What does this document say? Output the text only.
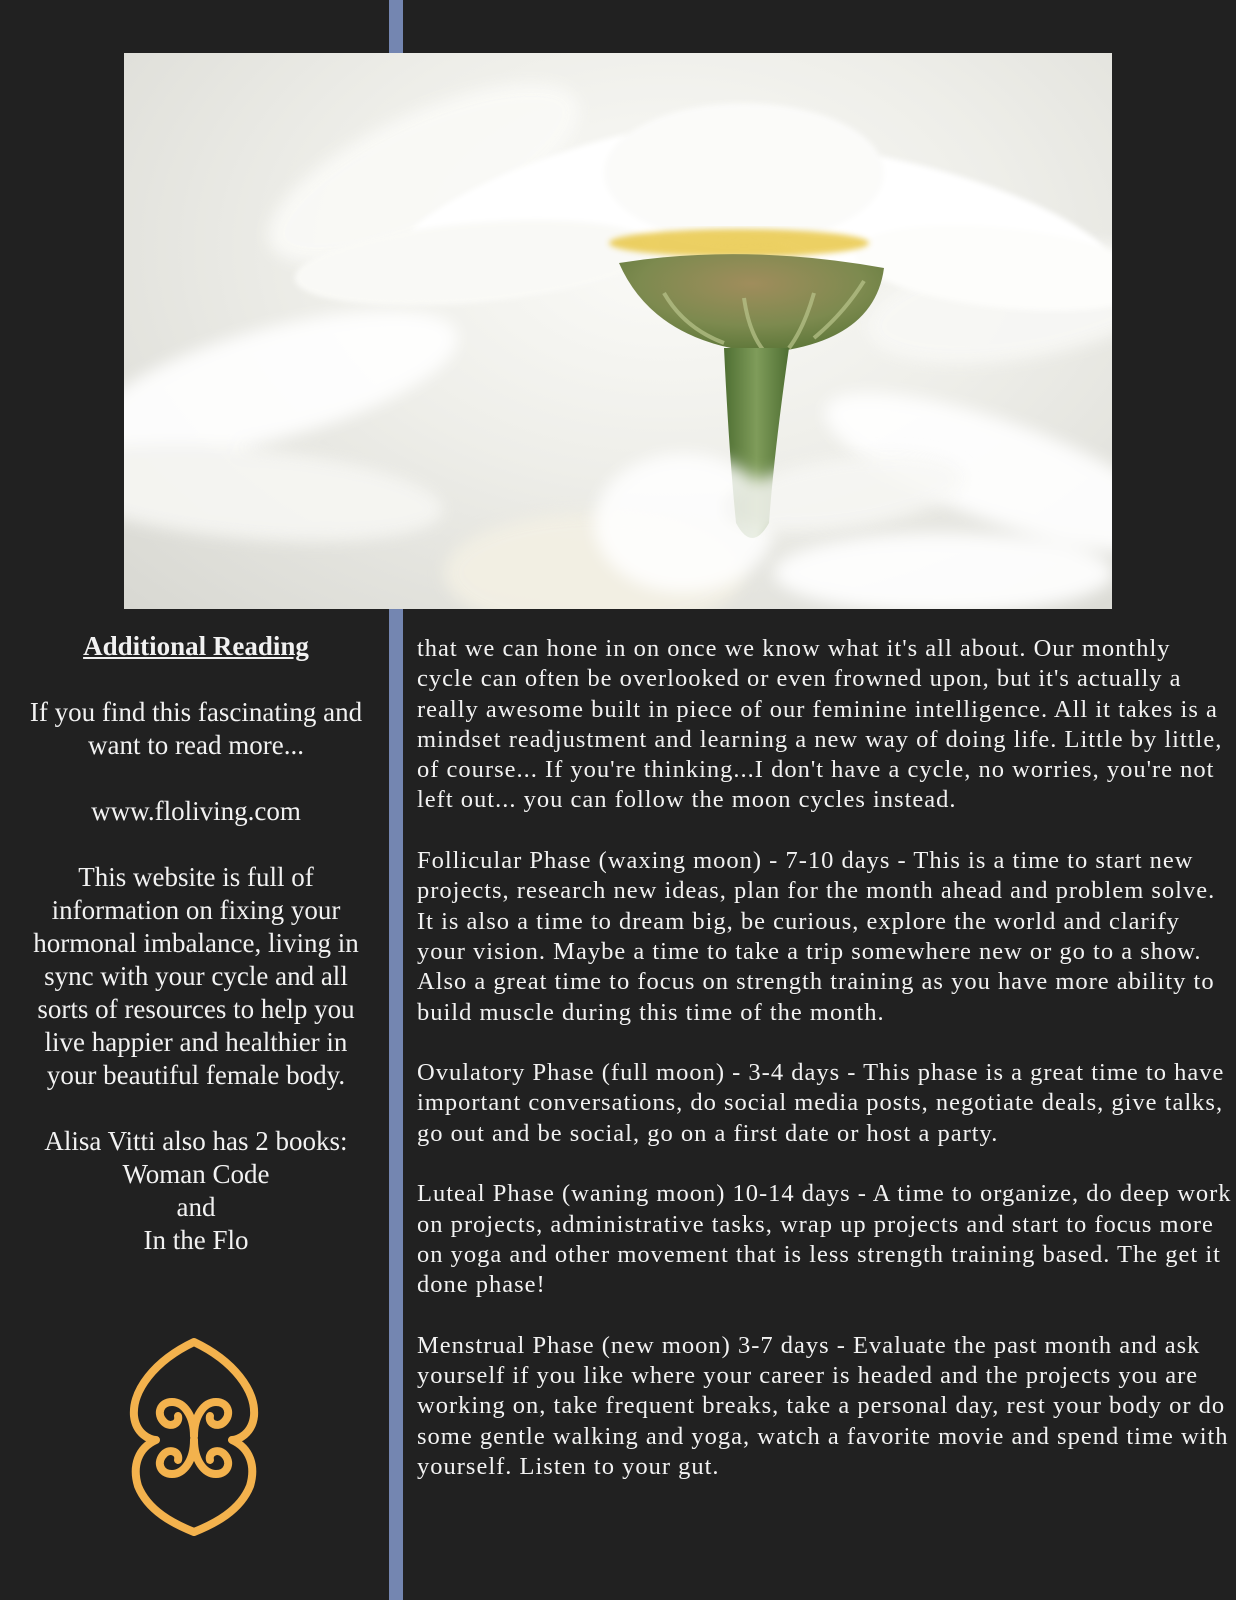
Additional Reading

If you find this fascinating and want to read more...

www.floliving.com

This website is full of information on fixing your hormonal imbalance, living in sync with your cycle and all sorts of resources to help you live happier and healthier in your beautiful female body.

Alisa Vitti also has 2 books:
Woman Code
and
In the Flo

that we can hone in on once we know what it's all about. Our monthly cycle can often be overlooked or even frowned upon, but it's actually a really awesome built in piece of our feminine intelligence. All it takes is a mindset readjustment and learning a new way of doing life. Little by little, of course... If you're thinking...I don't have a cycle, no worries, you're not left out... you can follow the moon cycles instead.

Follicular Phase (waxing moon) - 7-10 days - This is a time to start new projects, research new ideas, plan for the month ahead and problem solve. It is also a time to dream big, be curious, explore the world and clarify your vision. Maybe a time to take a trip somewhere new or go to a show. Also a great time to focus on strength training as you have more ability to build muscle during this time of the month.

Ovulatory Phase (full moon) - 3-4 days - This phase is a great time to have important conversations, do social media posts, negotiate deals, give talks, go out and be social, go on a first date or host a party.

Luteal Phase (waning moon) 10-14 days - A time to organize, do deep work on projects, administrative tasks, wrap up projects and start to focus more on yoga and other movement that is less strength training based. The get it done phase!

Menstrual Phase (new moon) 3-7 days - Evaluate the past month and ask yourself if you like where your career is headed and the projects you are working on, take frequent breaks, take a personal day, rest your body or do some gentle walking and yoga, watch a favorite movie and spend time with yourself. Listen to your gut.
